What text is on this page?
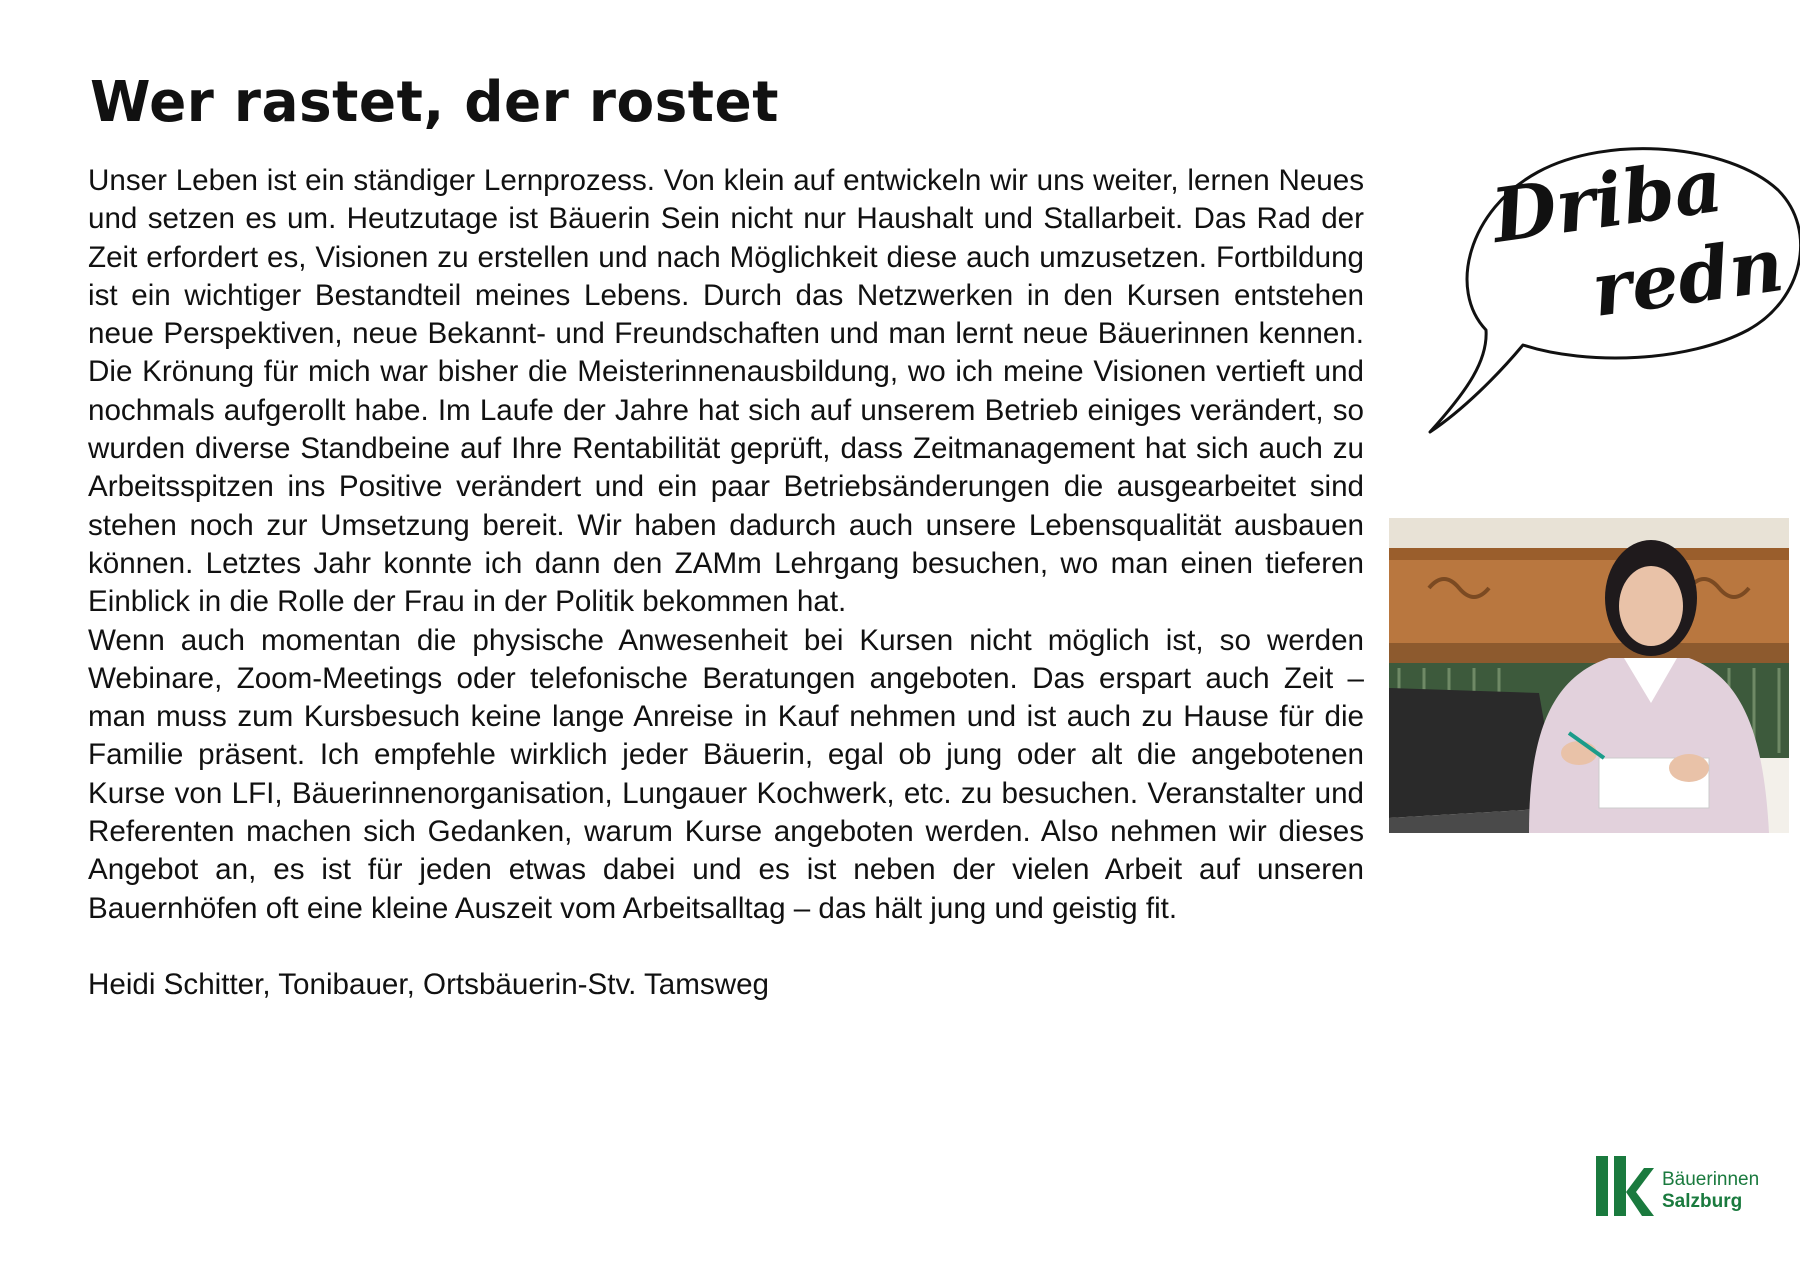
Wer rastet, der rostet

Unser Leben ist ein ständiger Lernprozess. Von klein auf entwickeln wir uns weiter, lernen Neues und setzen es um. Heutzutage ist Bäuerin Sein nicht nur Haushalt und Stallarbeit. Das Rad der Zeit erfordert es, Visionen zu erstellen und nach Möglichkeit diese auch umzusetzen. Fortbildung ist ein wichtiger Bestandteil meines Lebens. Durch das Netzwerken in den Kursen entstehen neue Perspektiven, neue Bekannt- und Freundschaften und man lernt neue Bäuerinnen kennen. Die Krönung für mich war bisher die Meisterinnenausbildung, wo ich meine Visionen vertieft und nochmals aufgerollt habe. Im Laufe der Jahre hat sich auf unserem Betrieb einiges verändert, so wurden diverse Standbeine auf Ihre Rentabilität geprüft, dass Zeitmanagement hat sich auch zu Arbeitsspitzen ins Positive verändert und ein paar Betriebsänderungen die ausgearbeitet sind stehen noch zur Umsetzung bereit. Wir haben dadurch auch unsere Lebensqualität ausbauen können. Letztes Jahr konnte ich dann den ZAMm Lehrgang besuchen, wo man einen tieferen Einblick in die Rolle der Frau in der Politik bekommen hat.

Wenn auch momentan die physische Anwesenheit bei Kursen nicht möglich ist, so werden Webinare, Zoom-Meetings oder telefonische Beratungen angeboten. Das erspart auch Zeit – man muss zum Kursbesuch keine lange Anreise in Kauf nehmen und ist auch zu Hause für die Familie präsent. Ich empfehle wirklich jeder Bäuerin, egal ob jung oder alt die angebotenen Kurse von LFI, Bäuerinnenorganisation, Lungauer Kochwerk, etc. zu besuchen. Veranstalter und Referenten machen sich Gedanken, warum Kurse angeboten werden. Also nehmen wir dieses Angebot an, es ist für jeden etwas dabei und es ist neben der vielen Arbeit auf unseren Bauernhöfen oft eine kleine Auszeit vom Arbeitsalltag – das hält jung und geistig fit.

Heidi Schitter, Tonibauer, Ortsbäuerin-Stv. Tamsweg

Driba
redn
Bäuerinnen
Salzburg
